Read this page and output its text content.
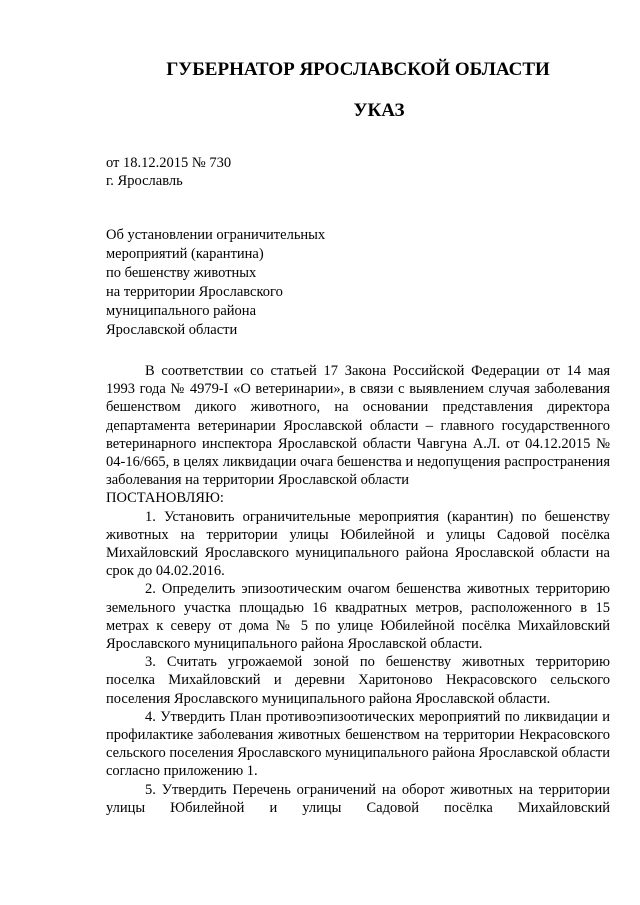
ГУБЕРНАТОР ЯРОСЛАВСКОЙ ОБЛАСТИ
УКАЗ
от 18.12.2015 № 730
г. Ярославль
Об установлении ограничительных
мероприятий (карантина)
по бешенству животных
на территории Ярославского
муниципального района
Ярославской области

В соответствии со статьей 17 Закона Российской Федерации от 14 мая 1993 года № 4979-I «О ветеринарии», в связи с выявлением случая заболевания бешенством дикого животного, на основании представления директора департамента ветеринарии Ярославской области – главного государственного ветеринарного инспектора Ярославской области Чавгуна А.Л. от 04.12.2015 № 04-16/665, в целях ликвидации очага бешенства и недопущения распространения заболевания на территории Ярославской области

ПОСТАНОВЛЯЮ:

1. Установить ограничительные мероприятия (карантин) по бешенству животных на территории улицы Юбилейной и улицы Садовой посёлка Михайловский Ярославского муниципального района Ярославской области на срок до 04.02.2016.

2. Определить эпизоотическим очагом бешенства животных территорию земельного участка площадью 16 квадратных метров, расположенного в 15 метрах к северу от дома № 5 по улице Юбилейной посёлка Михайловский Ярославского муниципального района Ярославской области.

3. Считать угрожаемой зоной по бешенству животных территорию поселка Михайловский и деревни Харитоново Некрасовского сельского поселения Ярославского муниципального района Ярославской области.

4. Утвердить План противоэпизоотических мероприятий по ликвидации и профилактике заболевания животных бешенством на территории Некрасовского сельского поселения Ярославского муниципального района Ярославской области согласно приложению 1.

5. Утвердить Перечень ограничений на оборот животных на территории улицы Юбилейной и улицы Садовой посёлка Михайловский
